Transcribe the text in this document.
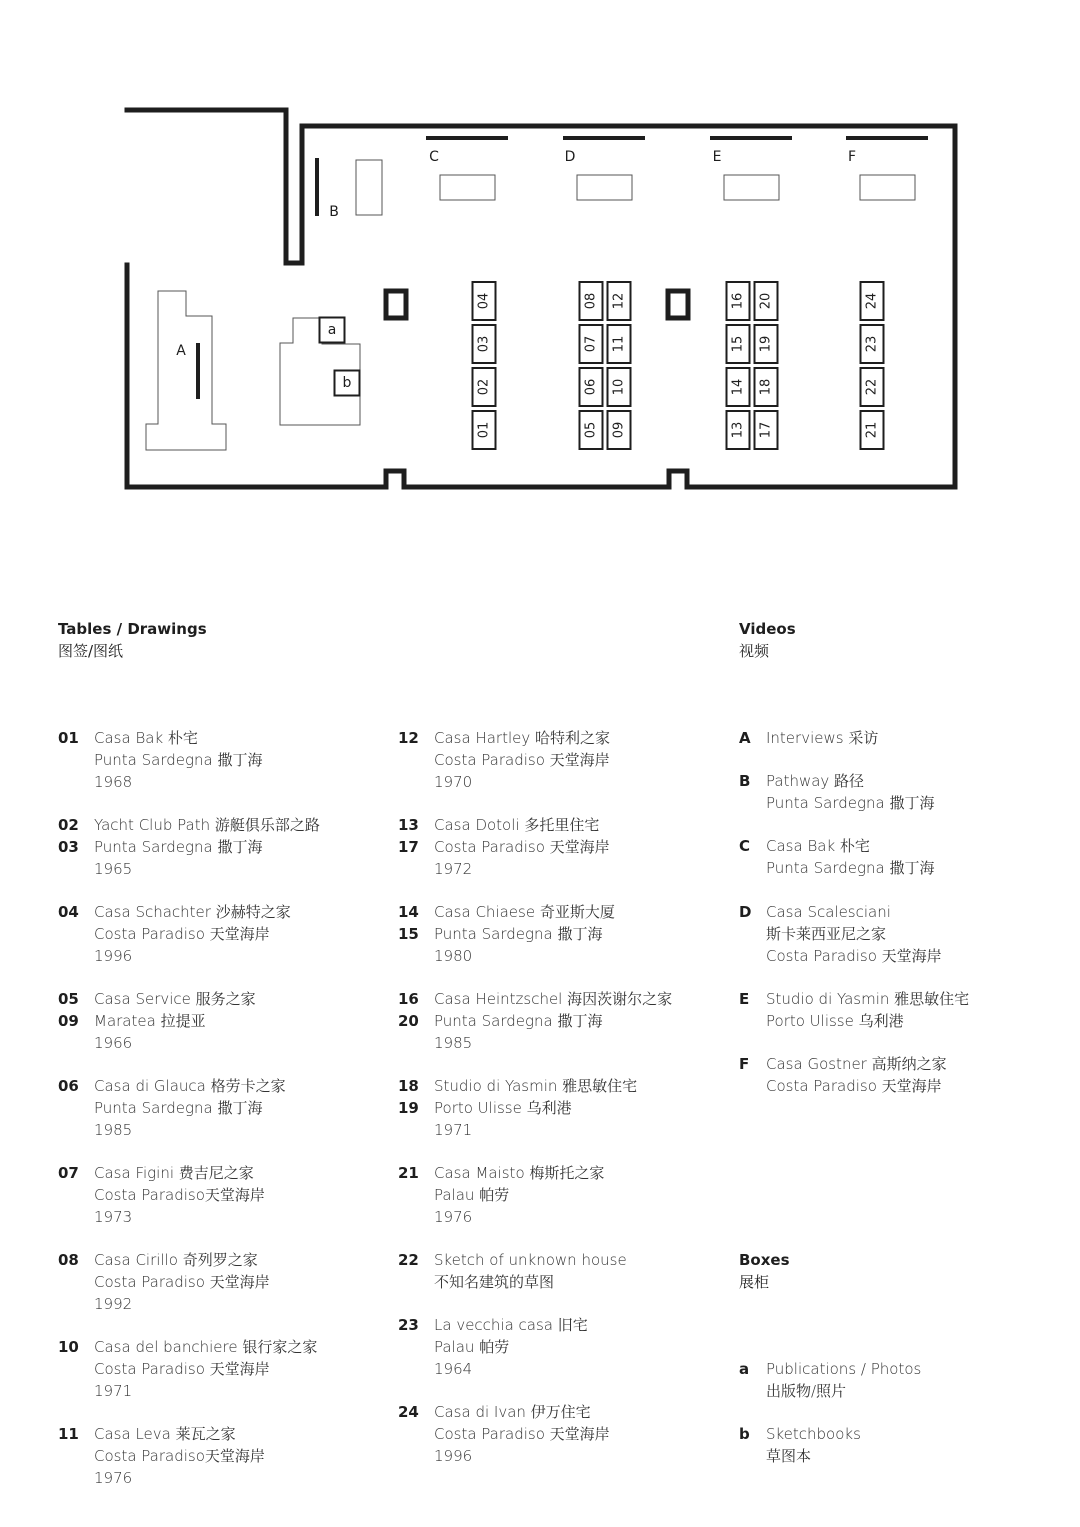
01
02
03
04
05
06
07
08
09
10
11
12
13
14
15
16
17
18
19
20
21
22
23
24
A
B
C	D	E	F
a
b
Tables / Drawings
图签/图纸
Videos
视频
Boxes
展柜
01	Casa Bak 朴宅
Punta Sardegna 撒丁海
1968
02
03
Yacht Club Path 游艇俱乐部之路
Punta Sardegna 撒丁海
1965
04	Casa Schachter 沙赫特之家
Costa Paradiso 天堂海岸
1996
05
09
Casa Service 服务之家
Maratea 拉提亚
1966
06	Casa di Glauca 格劳卡之家
Punta Sardegna 撒丁海
1985
07	Casa Figini 费吉尼之家
Costa Paradiso天堂海岸
1973
08	Casa Cirillo 奇列罗之家
Costa Paradiso 天堂海岸
1992
10	Casa del banchiere 银行家之家
Costa Paradiso 天堂海岸
1971
11	Casa Leva 莱瓦之家
Costa Paradiso天堂海岸
1976
12	Casa Hartley 哈特利之家
Costa Paradiso 天堂海岸
1970
13
17
Casa Dotoli 多托里住宅
Costa Paradiso 天堂海岸
1972
14
15
Casa Chiaese 奇亚斯大厦
Punta Sardegna 撒丁海
1980
16
20
Casa Heintzschel 海因茨谢尔之家
Punta Sardegna 撒丁海
1985
18
19
Studio di Yasmin 雅思敏住宅
Porto Ulisse 乌利港
1971
21	Casa Maisto 梅斯托之家
Palau 帕劳
1976
22	Sketch of unknown house
不知名建筑的草图
23	La vecchia casa 旧宅
Palau 帕劳
1964
24	Casa di Ivan 伊万住宅
Costa Paradiso 天堂海岸
1996
A	Interviews 采访
B	Pathway 路径
Punta Sardegna 撒丁海
C	Casa Bak 朴宅
Punta Sardegna 撒丁海
D Casa Scalesciani
斯卡莱西亚尼之家
Costa Paradiso 天堂海岸
E	Studio di Yasmin 雅思敏住宅
Porto Ulisse 乌利港
F	Casa Gostner 高斯纳之家
Costa Paradiso 天堂海岸
a	Publications / Photos
出版物/照片
b	Sketchbooks
草图本
